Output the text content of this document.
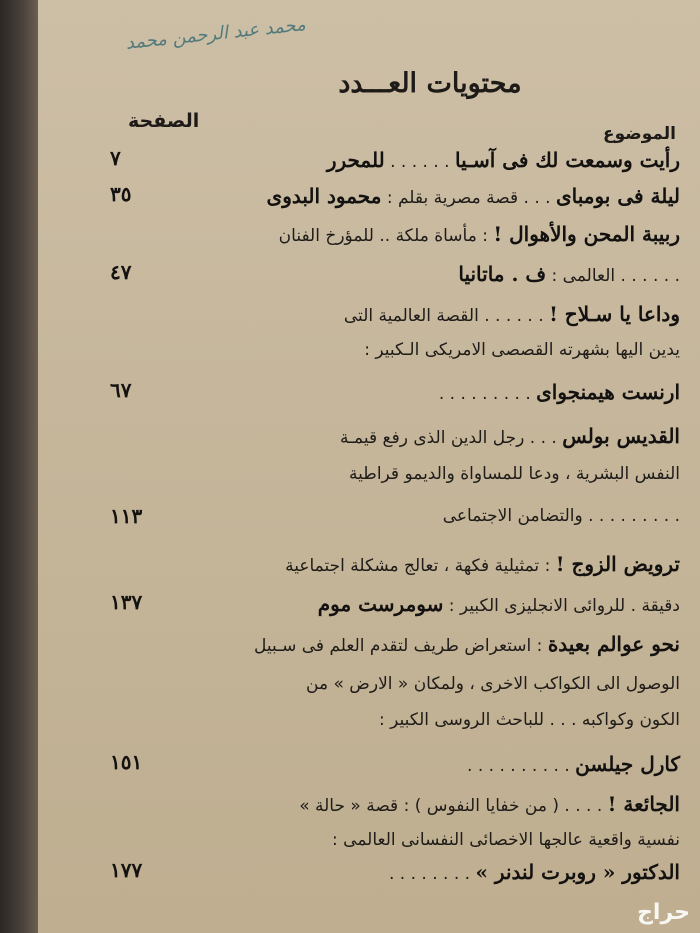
محمد عبد الرحمن محمد
محتويات العـــدد
الصفحة
الموضوع
رأيت وسمعت لك فى آسـيا . . . . . . للمحرر
٧
ليلة فى بومباى . . . قصة مصرية بقلم : محمود البدوى
٣٥
ربيبة المحن والأهوال ! : مأساة ملكة .. للمؤرخ الفنان
. . . . . . العالمى : ف . ماتانيا
٤٧
وداعا يا سـلاح ! . . . . . . القصة العالمية التى
يدين اليها بشهرته القصصى الامريكى الـكبير :
ارنست هيمنجواى . . . . . . . . .
٦٧
القديس بولس . . . رجل الدين الذى رفع قيمـة
النفس البشرية ، ودعا للمساواة والديمو قراطية
. . . . . . . . . والتضامن الاجتماعى
١١٣
ترويض الزوج ! : تمثيلية فكهة ، تعالج مشكلة اجتماعية
دقيقة . للروائى الانجليزى الكبير : سومرست موم
١٣٧
نحو عوالم بعيدة : استعراض طريف لتقدم العلم فى سـبيل
الوصول الى الكواكب الاخرى ، ولمكان « الارض » من
الكون وكواكبه . . . للباحث الروسى الكبير :
كارل جيلسن . . . . . . . . . .
١٥١
الجائعة ! . . . . ( من خفايا النفوس ) : قصة « حالة »
نفسية واقعية عالجها الاخصائى النفسانى العالمى :
الدكتور « روبرت لندنر » . . . . . . . .
١٧٧
حراج
